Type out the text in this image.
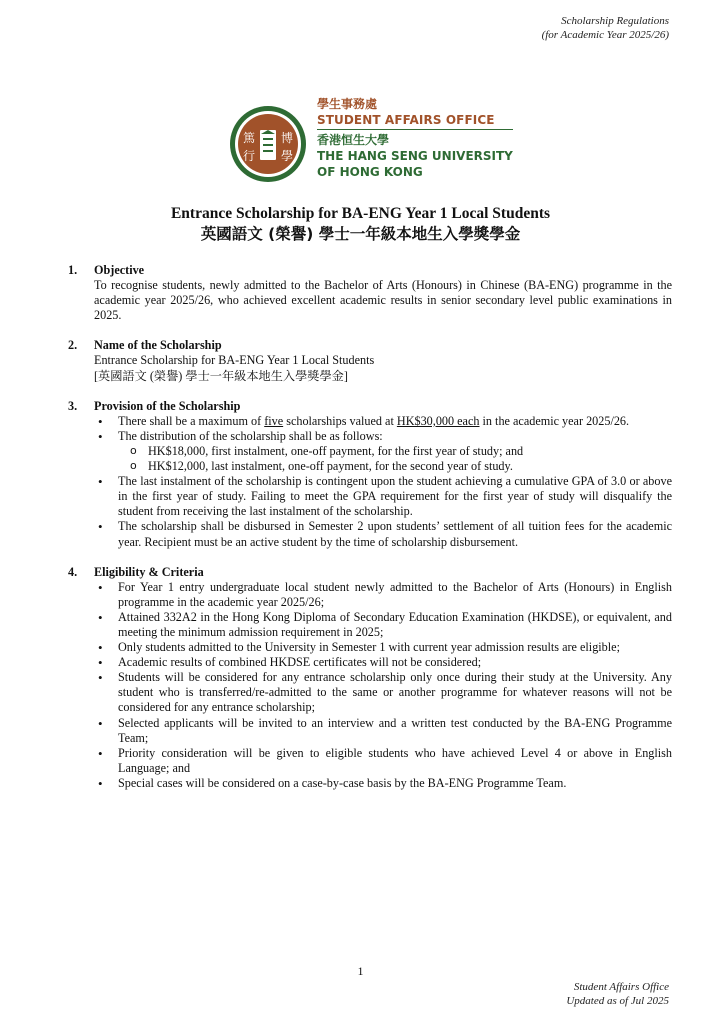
Scholarship Regulations
(for Academic Year 2025/26)
篤 博
行 學
學生事務處
STUDENT AFFAIRS OFFICE
香港恒生大學
THE HANG SENG UNIVERSITY
OF HONG KONG
Entrance Scholarship for BA-ENG Year 1 Local Students
英國語文 (榮譽) 學士一年級本地生入學獎學金
1. Objective
To recognise students, newly admitted to the Bachelor of Arts (Honours) in Chinese (BA-ENG) programme in the academic year 2025/26, who achieved excellent academic results in senior secondary level public examinations in 2025.
2. Name of the Scholarship
Entrance Scholarship for BA-ENG Year 1 Local Students
[英國語文 (榮譽) 學士一年級本地生入學獎學金]
3. Provision of the Scholarship
• There shall be a maximum of five scholarships valued at HK$30,000 each in the academic year 2025/26.
• The distribution of the scholarship shall be as follows:
o HK$18,000, first instalment, one-off payment, for the first year of study; and
o HK$12,000, last instalment, one-off payment, for the second year of study.
• The last instalment of the scholarship is contingent upon the student achieving a cumulative GPA of 3.0 or above in the first year of study. Failing to meet the GPA requirement for the first year of study will disqualify the student from receiving the last instalment of the scholarship.
• The scholarship shall be disbursed in Semester 2 upon students’ settlement of all tuition fees for the academic year. Recipient must be an active student by the time of scholarship disbursement.
4. Eligibility & Criteria
• For Year 1 entry undergraduate local student newly admitted to the Bachelor of Arts (Honours) in English programme in the academic year 2025/26;
• Attained 332A2 in the Hong Kong Diploma of Secondary Education Examination (HKDSE), or equivalent, and meeting the minimum admission requirement in 2025;
• Only students admitted to the University in Semester 1 with current year admission results are eligible;
• Academic results of combined HKDSE certificates will not be considered;
• Students will be considered for any entrance scholarship only once during their study at the University. Any student who is transferred/re-admitted to the same or another programme for whatever reasons will not be considered for any entrance scholarship;
• Selected applicants will be invited to an interview and a written test conducted by the BA-ENG Programme Team;
• Priority consideration will be given to eligible students who have achieved Level 4 or above in English Language; and
• Special cases will be considered on a case-by-case basis by the BA-ENG Programme Team.
1
Student Affairs Office
Updated as of Jul 2025
